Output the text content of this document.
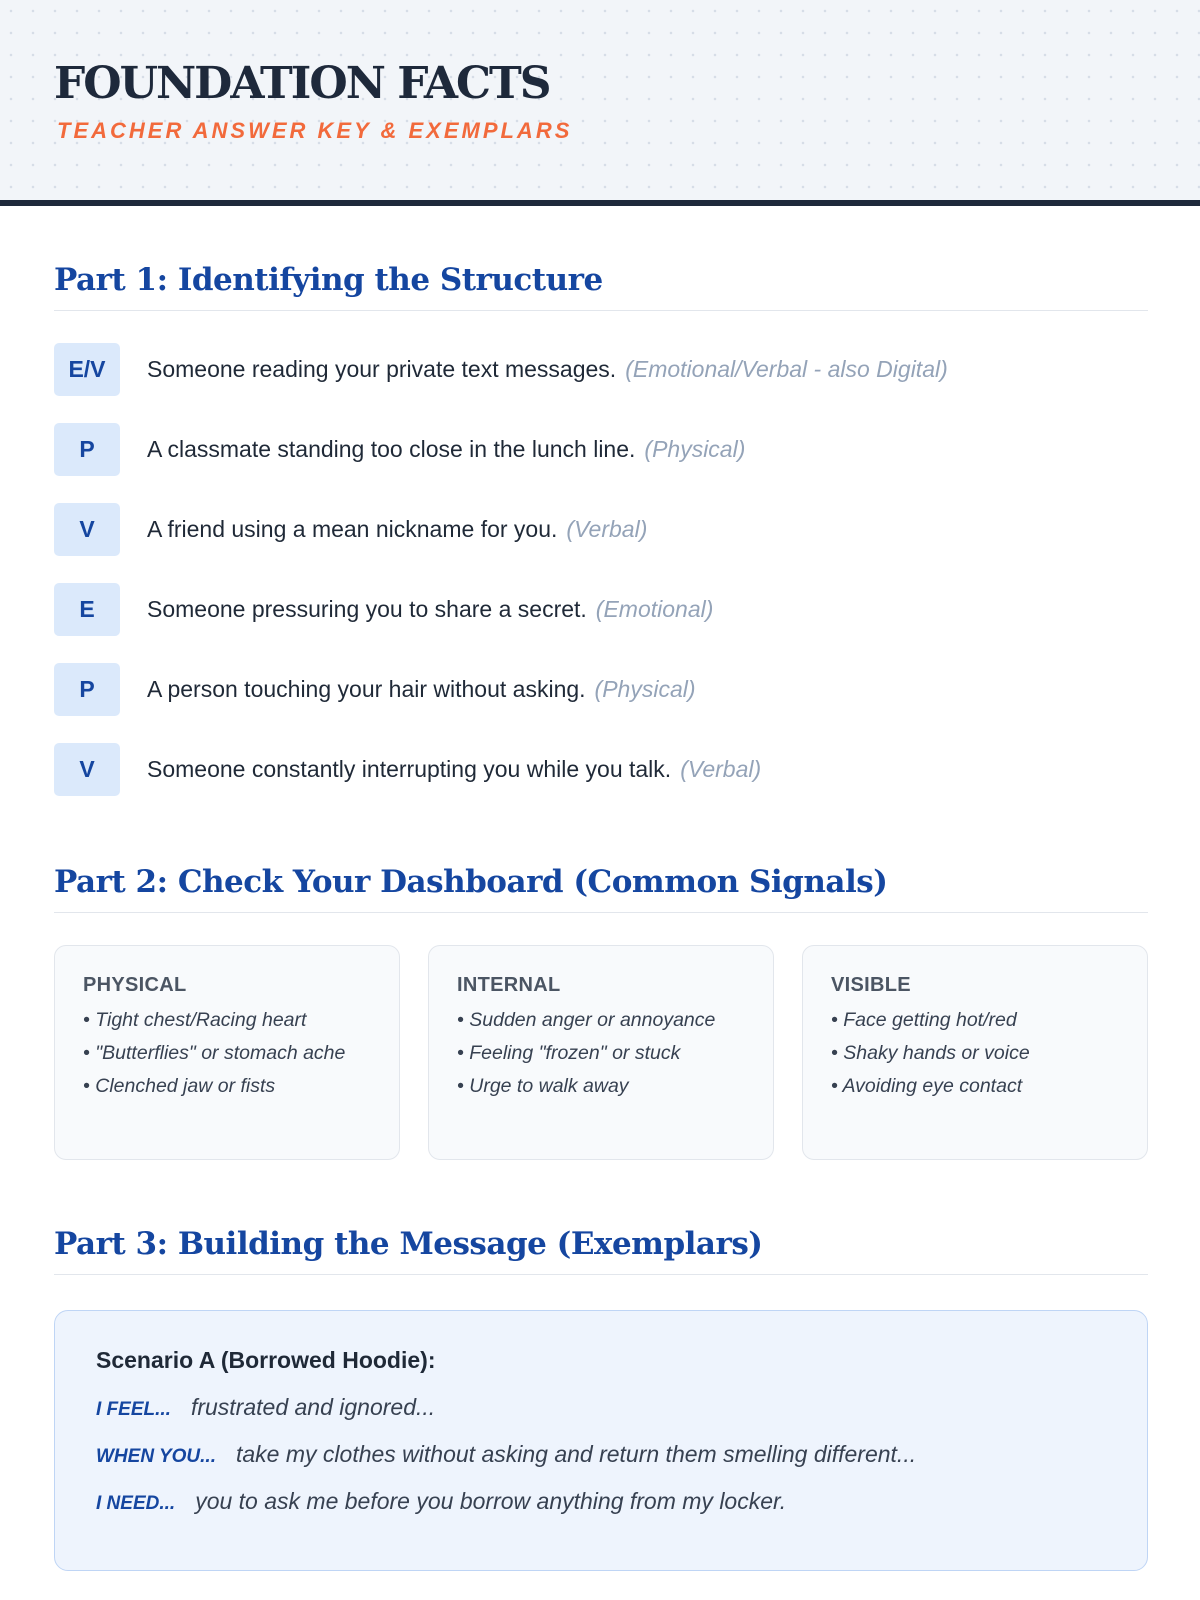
FOUNDATION FACTS
TEACHER ANSWER KEY & EXEMPLARS
Part 1: Identifying the Structure
E/V	Someone reading your private text messages. (Emotional/Verbal - also Digital)
P	A classmate standing too close in the lunch line. (Physical)
V	A friend using a mean nickname for you. (Verbal)
E	Someone pressuring you to share a secret. (Emotional)
P	A person touching your hair without asking. (Physical)
V	Someone constantly interrupting you while you talk. (Verbal)
Part 2: Check Your Dashboard (Common Signals)
PHYSICAL
• Tight chest/Racing heart
• "Butterflies" or stomach ache
• Clenched jaw or fists
INTERNAL
• Sudden anger or annoyance
• Feeling "frozen" or stuck
• Urge to walk away
VISIBLE
• Face getting hot/red
• Shaky hands or voice
• Avoiding eye contact
Part 3: Building the Message (Exemplars)
Scenario A (Borrowed Hoodie):
I FEEL... frustrated and ignored...
WHEN YOU... take my clothes without asking and return them smelling different...
I NEED... you to ask me before you borrow anything from my locker.
